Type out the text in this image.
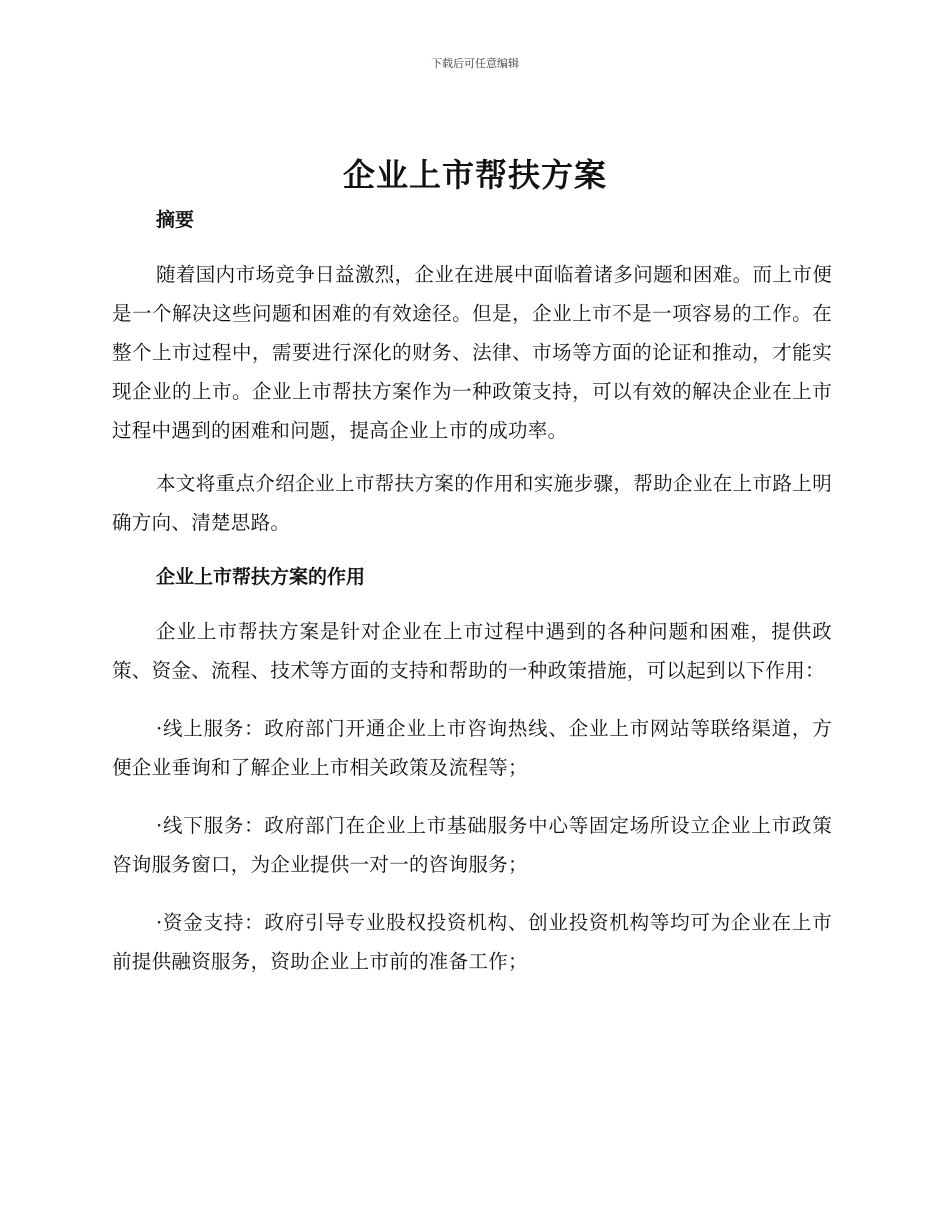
下载后可任意编辑
企业上市帮扶方案
摘要

随着国内市场竞争日益激烈，企业在进展中面临着诸多问题和困难。而上市便是一个解决这些问题和困难的有效途径。但是，企业上市不是一项容易的工作。在整个上市过程中，需要进行深化的财务、法律、市场等方面的论证和推动，才能实现企业的上市。企业上市帮扶方案作为一种政策支持，可以有效的解决企业在上市过程中遇到的困难和问题，提高企业上市的成功率。

本文将重点介绍企业上市帮扶方案的作用和实施步骤，帮助企业在上市路上明确方向、清楚思路。

企业上市帮扶方案的作用

企业上市帮扶方案是针对企业在上市过程中遇到的各种问题和困难，提供政策、资金、流程、技术等方面的支持和帮助的一种政策措施，可以起到以下作用：

·线上服务：政府部门开通企业上市咨询热线、企业上市网站等联络渠道，方便企业垂询和了解企业上市相关政策及流程等；

·线下服务：政府部门在企业上市基础服务中心等固定场所设立企业上市政策咨询服务窗口，为企业提供一对一的咨询服务；

·资金支持：政府引导专业股权投资机构、创业投资机构等均可为企业在上市前提供融资服务，资助企业上市前的准备工作；
